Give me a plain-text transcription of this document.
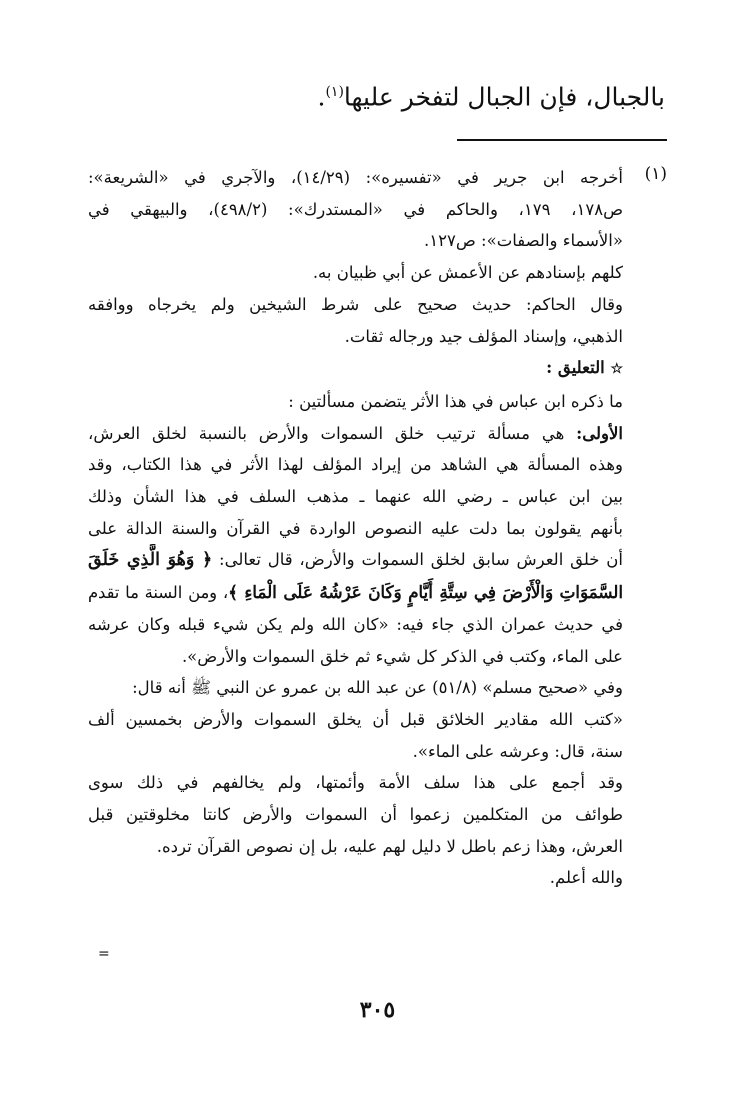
بالجبال، فإن الجبال لتفخر عليها$^{(١)}$.
(١)
أخرجه ابن جرير في «تفسيره»: (١٤/٢٩)، والآجري في «الشريعة»:
ص١٧٨، ١٧٩، والحاكم في «المستدرك»: (٤٩٨/٢)، والبيهقي في
«الأسماء والصفات»: ص١٢٧.
كلهم بإسنادهم عن الأعمش عن أبي ظبيان به.
وقال الحاكم: حديث صحيح على شرط الشيخين ولم يخرجاه ووافقه
الذهبي، وإسناد المؤلف جيد ورجاله ثقات.
☆ التعليق :
ما ذكره ابن عباس في هذا الأثر يتضمن مسألتين :
الأولى: هي مسألة ترتيب خلق السموات والأرض بالنسبة لخلق العرش،
وهذه المسألة هي الشاهد من إيراد المؤلف لهذا الأثر في هذا الكتاب، وقد
بين ابن عباس ـ رضي الله عنهما ـ مذهب السلف في هذا الشأن وذلك
بأنهم يقولون بما دلت عليه النصوص الواردة في القرآن والسنة الدالة على
أن خلق العرش سابق لخلق السموات والأرض، قال تعالى: ﴿ وَهُوَ الَّذِي خَلَقَ
السَّمَوَاتِ وَالْأَرْضَ فِي سِتَّةِ أَيَّامٍ وَكَانَ عَرْشُهُ عَلَى الْمَاءِ ﴾، ومن السنة ما تقدم
في حديث عمران الذي جاء فيه: «كان الله ولم يكن شيء قبله وكان عرشه
على الماء، وكتب في الذكر كل شيء ثم خلق السموات والأرض».
وفي «صحيح مسلم» (٥١/٨) عن عبد الله بن عمرو عن النبي ﷺ أنه قال:
«كتب الله مقادير الخلائق قبل أن يخلق السموات والأرض بخمسين ألف
سنة، قال: وعرشه على الماء».
وقد أجمع على هذا سلف الأمة وأئمتها، ولم يخالفهم في ذلك سوى
طوائف من المتكلمين زعموا أن السموات والأرض كانتا مخلوقتين قبل
العرش، وهذا زعم باطل لا دليل لهم عليه، بل إن نصوص القرآن ترده.
والله أعلم.
=
٣٠٥
